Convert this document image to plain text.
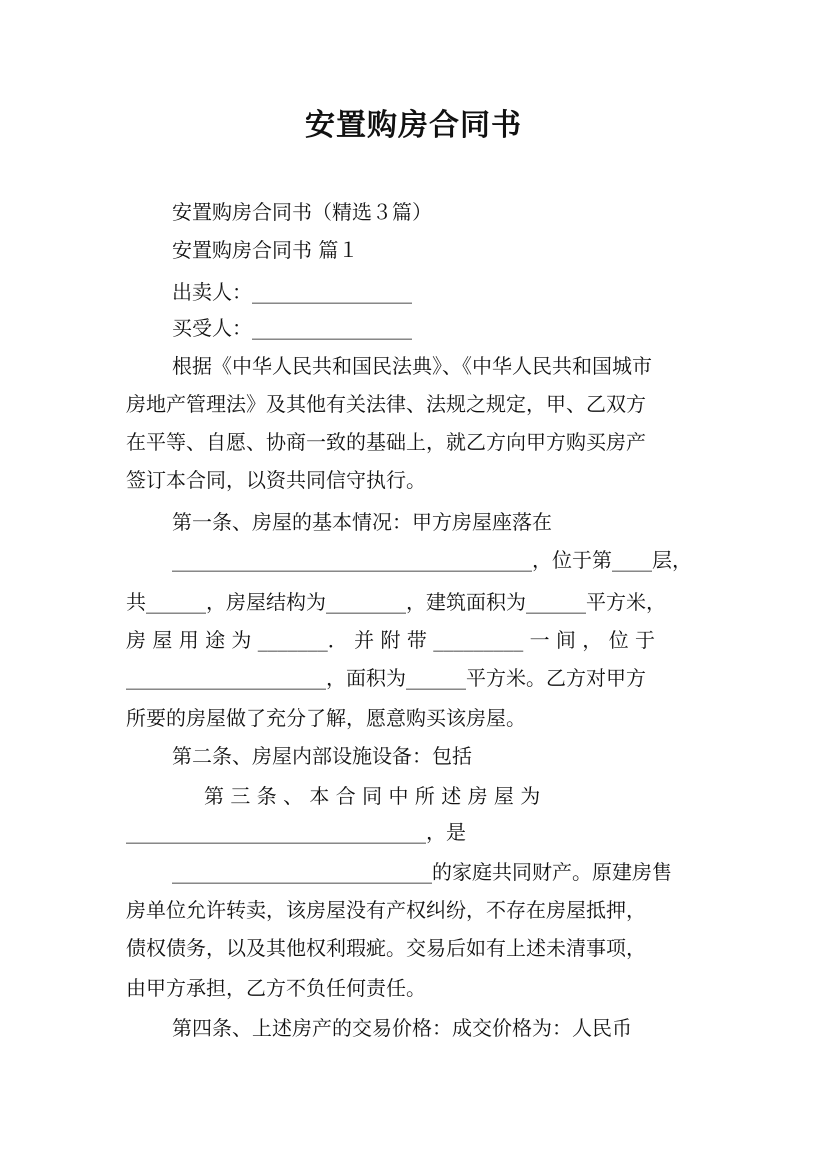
安置购房合同书
安置购房合同书（精选３篇）
安置购房合同书 篇１
出卖人：________________
买受人：________________
根据《中华人民共和国民法典》、《中华人民共和国城市
房地产管理法》及其他有关法律、法规之规定，甲、乙双方
在平等、自愿、协商一致的基础上，就乙方向甲方购买房产
签订本合同，以资共同信守执行。
第一条、房屋的基本情况：甲方房屋座落在
____________________________________，位于第____层，
共______，房屋结构为________，建筑面积为______平方米，
房 屋 用 途 为 _______． 并 附 带 _________ 一 间 ， 位 于
____________________，面积为______平方米。乙方对甲方
所要的房屋做了充分了解，愿意购买该房屋。
第二条、房屋内部设施设备：包括
第 三 条 、 本 合 同 中 所 述 房 屋 为
______________________________，是
__________________________的家庭共同财产。原建房售
房单位允许转卖，该房屋没有产权纠纷，不存在房屋抵押，
债权债务，以及其他权利瑕疵。交易后如有上述未清事项，
由甲方承担，乙方不负任何责任。
第四条、上述房产的交易价格：成交价格为：人民币
